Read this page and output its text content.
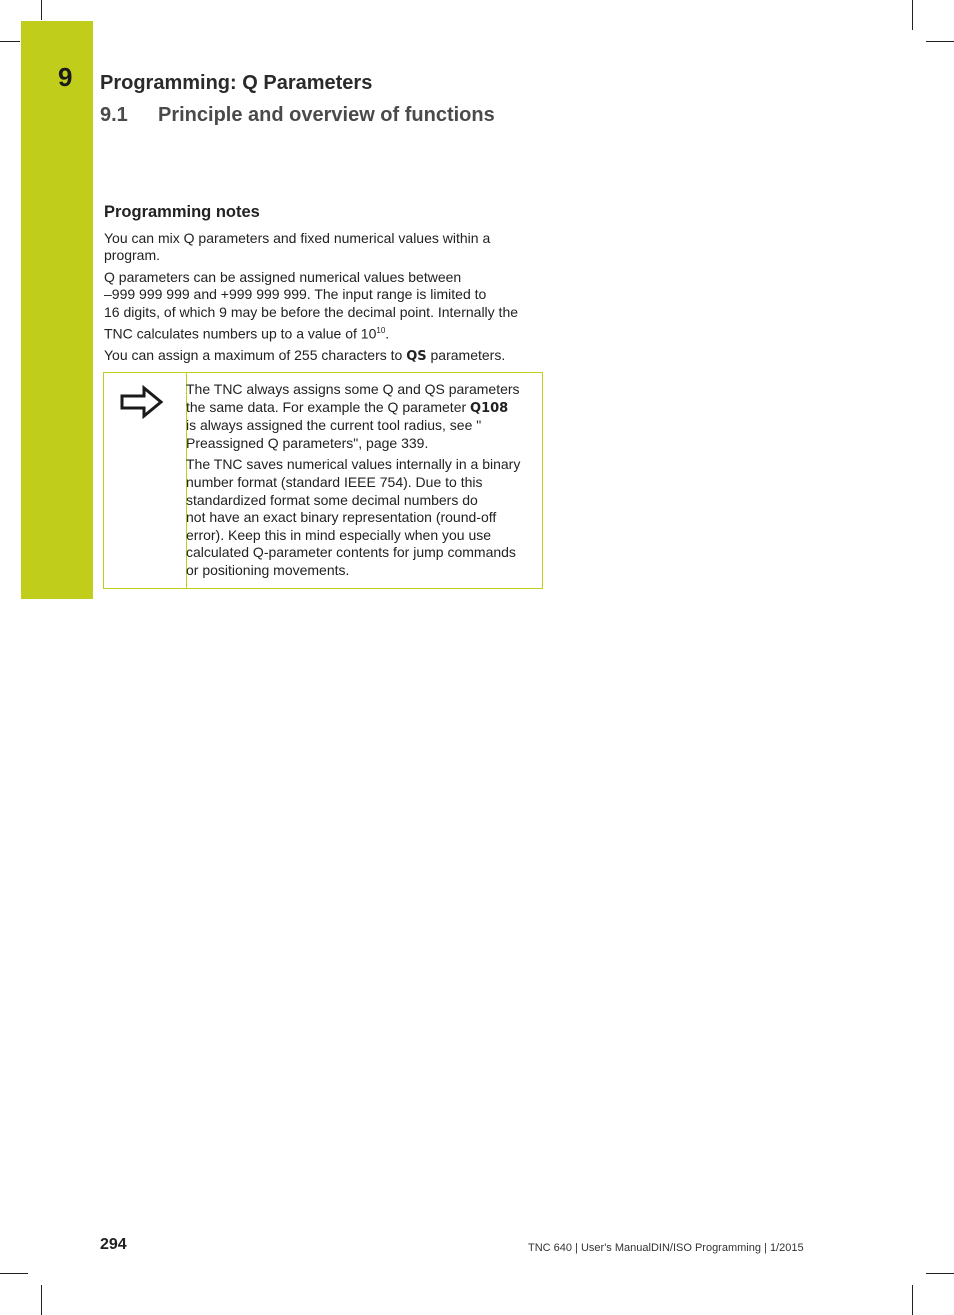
9 Programming: Q Parameters
9.1 Principle and overview of functions
Programming notes

You can mix Q parameters and fixed numerical values within a program.

Q parameters can be assigned numerical values between
–999 999 999 and +999 999 999. The input range is limited to
16 digits, of which 9 may be before the decimal point. Internally the
TNC calculates numbers up to a value of $10^{10}$.

You can assign a maximum of 255 characters to QS parameters.

The TNC always assigns some Q and QS parameters
the same data. For example the Q parameter Q108
is always assigned the current tool radius, see "
Preassigned Q parameters", page 339.

The TNC saves numerical values internally in a binary
number format (standard IEEE 754). Due to this
standardized format some decimal numbers do
not have an exact binary representation (round-off
error). Keep this in mind especially when you use
calculated Q-parameter contents for jump commands
or positioning movements.

294	TNC 640 | User's ManualDIN/ISO Programming | 1/2015
